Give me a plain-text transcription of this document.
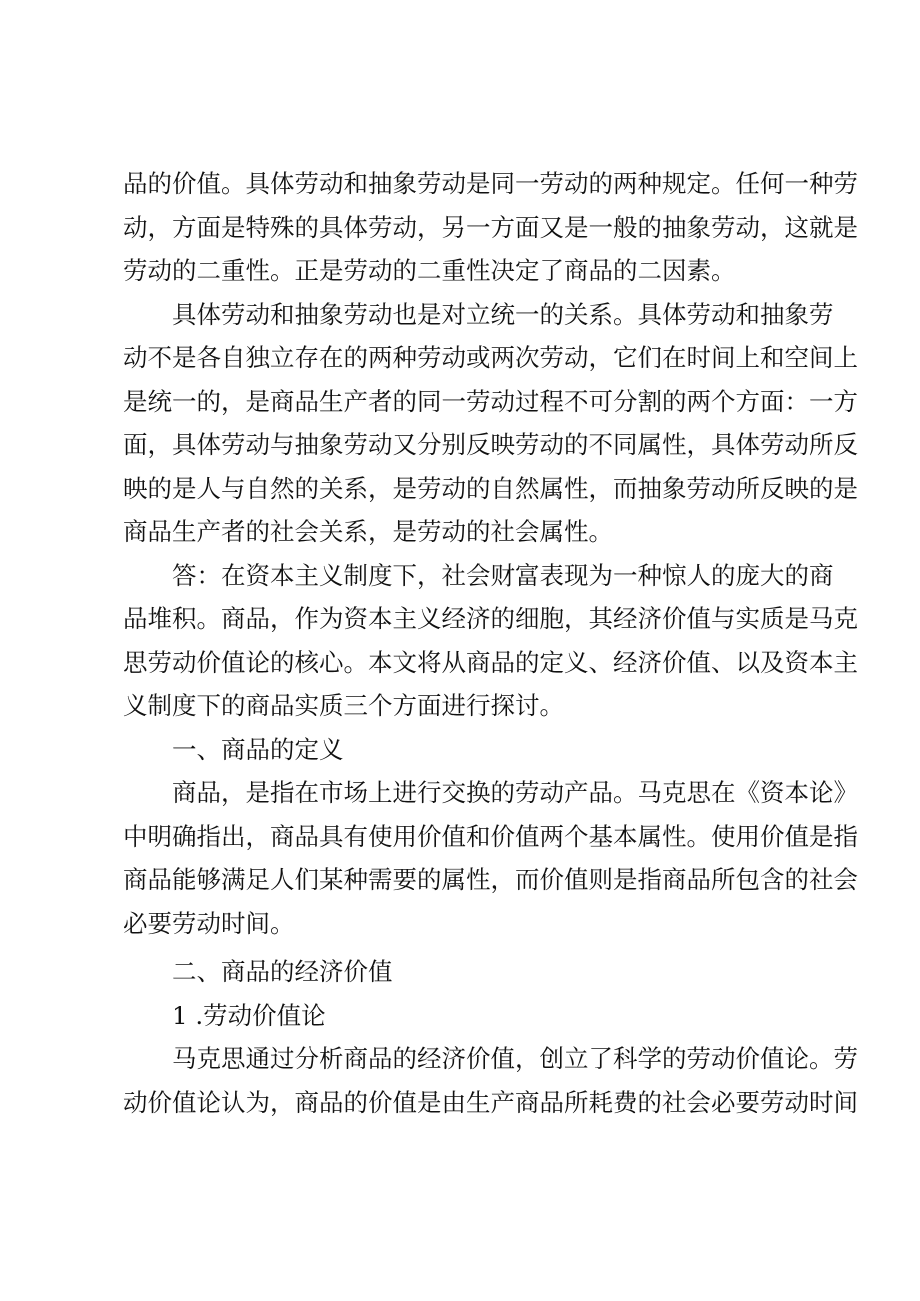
品的价值。具体劳动和抽象劳动是同一劳动的两种规定。任何一种劳
动，方面是特殊的具体劳动，另一方面又是一般的抽象劳动，这就是
劳动的二重性。正是劳动的二重性决定了商品的二因素。
具体劳动和抽象劳动也是对立统一的关系。具体劳动和抽象劳
动不是各自独立存在的两种劳动或两次劳动，它们在时间上和空间上
是统一的，是商品生产者的同一劳动过程不可分割的两个方面：一方
面，具体劳动与抽象劳动又分别反映劳动的不同属性，具体劳动所反
映的是人与自然的关系，是劳动的自然属性，而抽象劳动所反映的是
商品生产者的社会关系，是劳动的社会属性。
答：在资本主义制度下，社会财富表现为一种惊人的庞大的商
品堆积。商品，作为资本主义经济的细胞，其经济价值与实质是马克
思劳动价值论的核心。本文将从商品的定义、经济价值、以及资本主
义制度下的商品实质三个方面进行探讨。
一、商品的定义
商品，是指在市场上进行交换的劳动产品。马克思在《资本论》
中明确指出，商品具有使用价值和价值两个基本属性。使用价值是指
商品能够满足人们某种需要的属性，而价值则是指商品所包含的社会
必要劳动时间。
二、商品的经济价值
1 .劳动价值论
马克思通过分析商品的经济价值，创立了科学的劳动价值论。劳
动价值论认为，商品的价值是由生产商品所耗费的社会必要劳动时间
